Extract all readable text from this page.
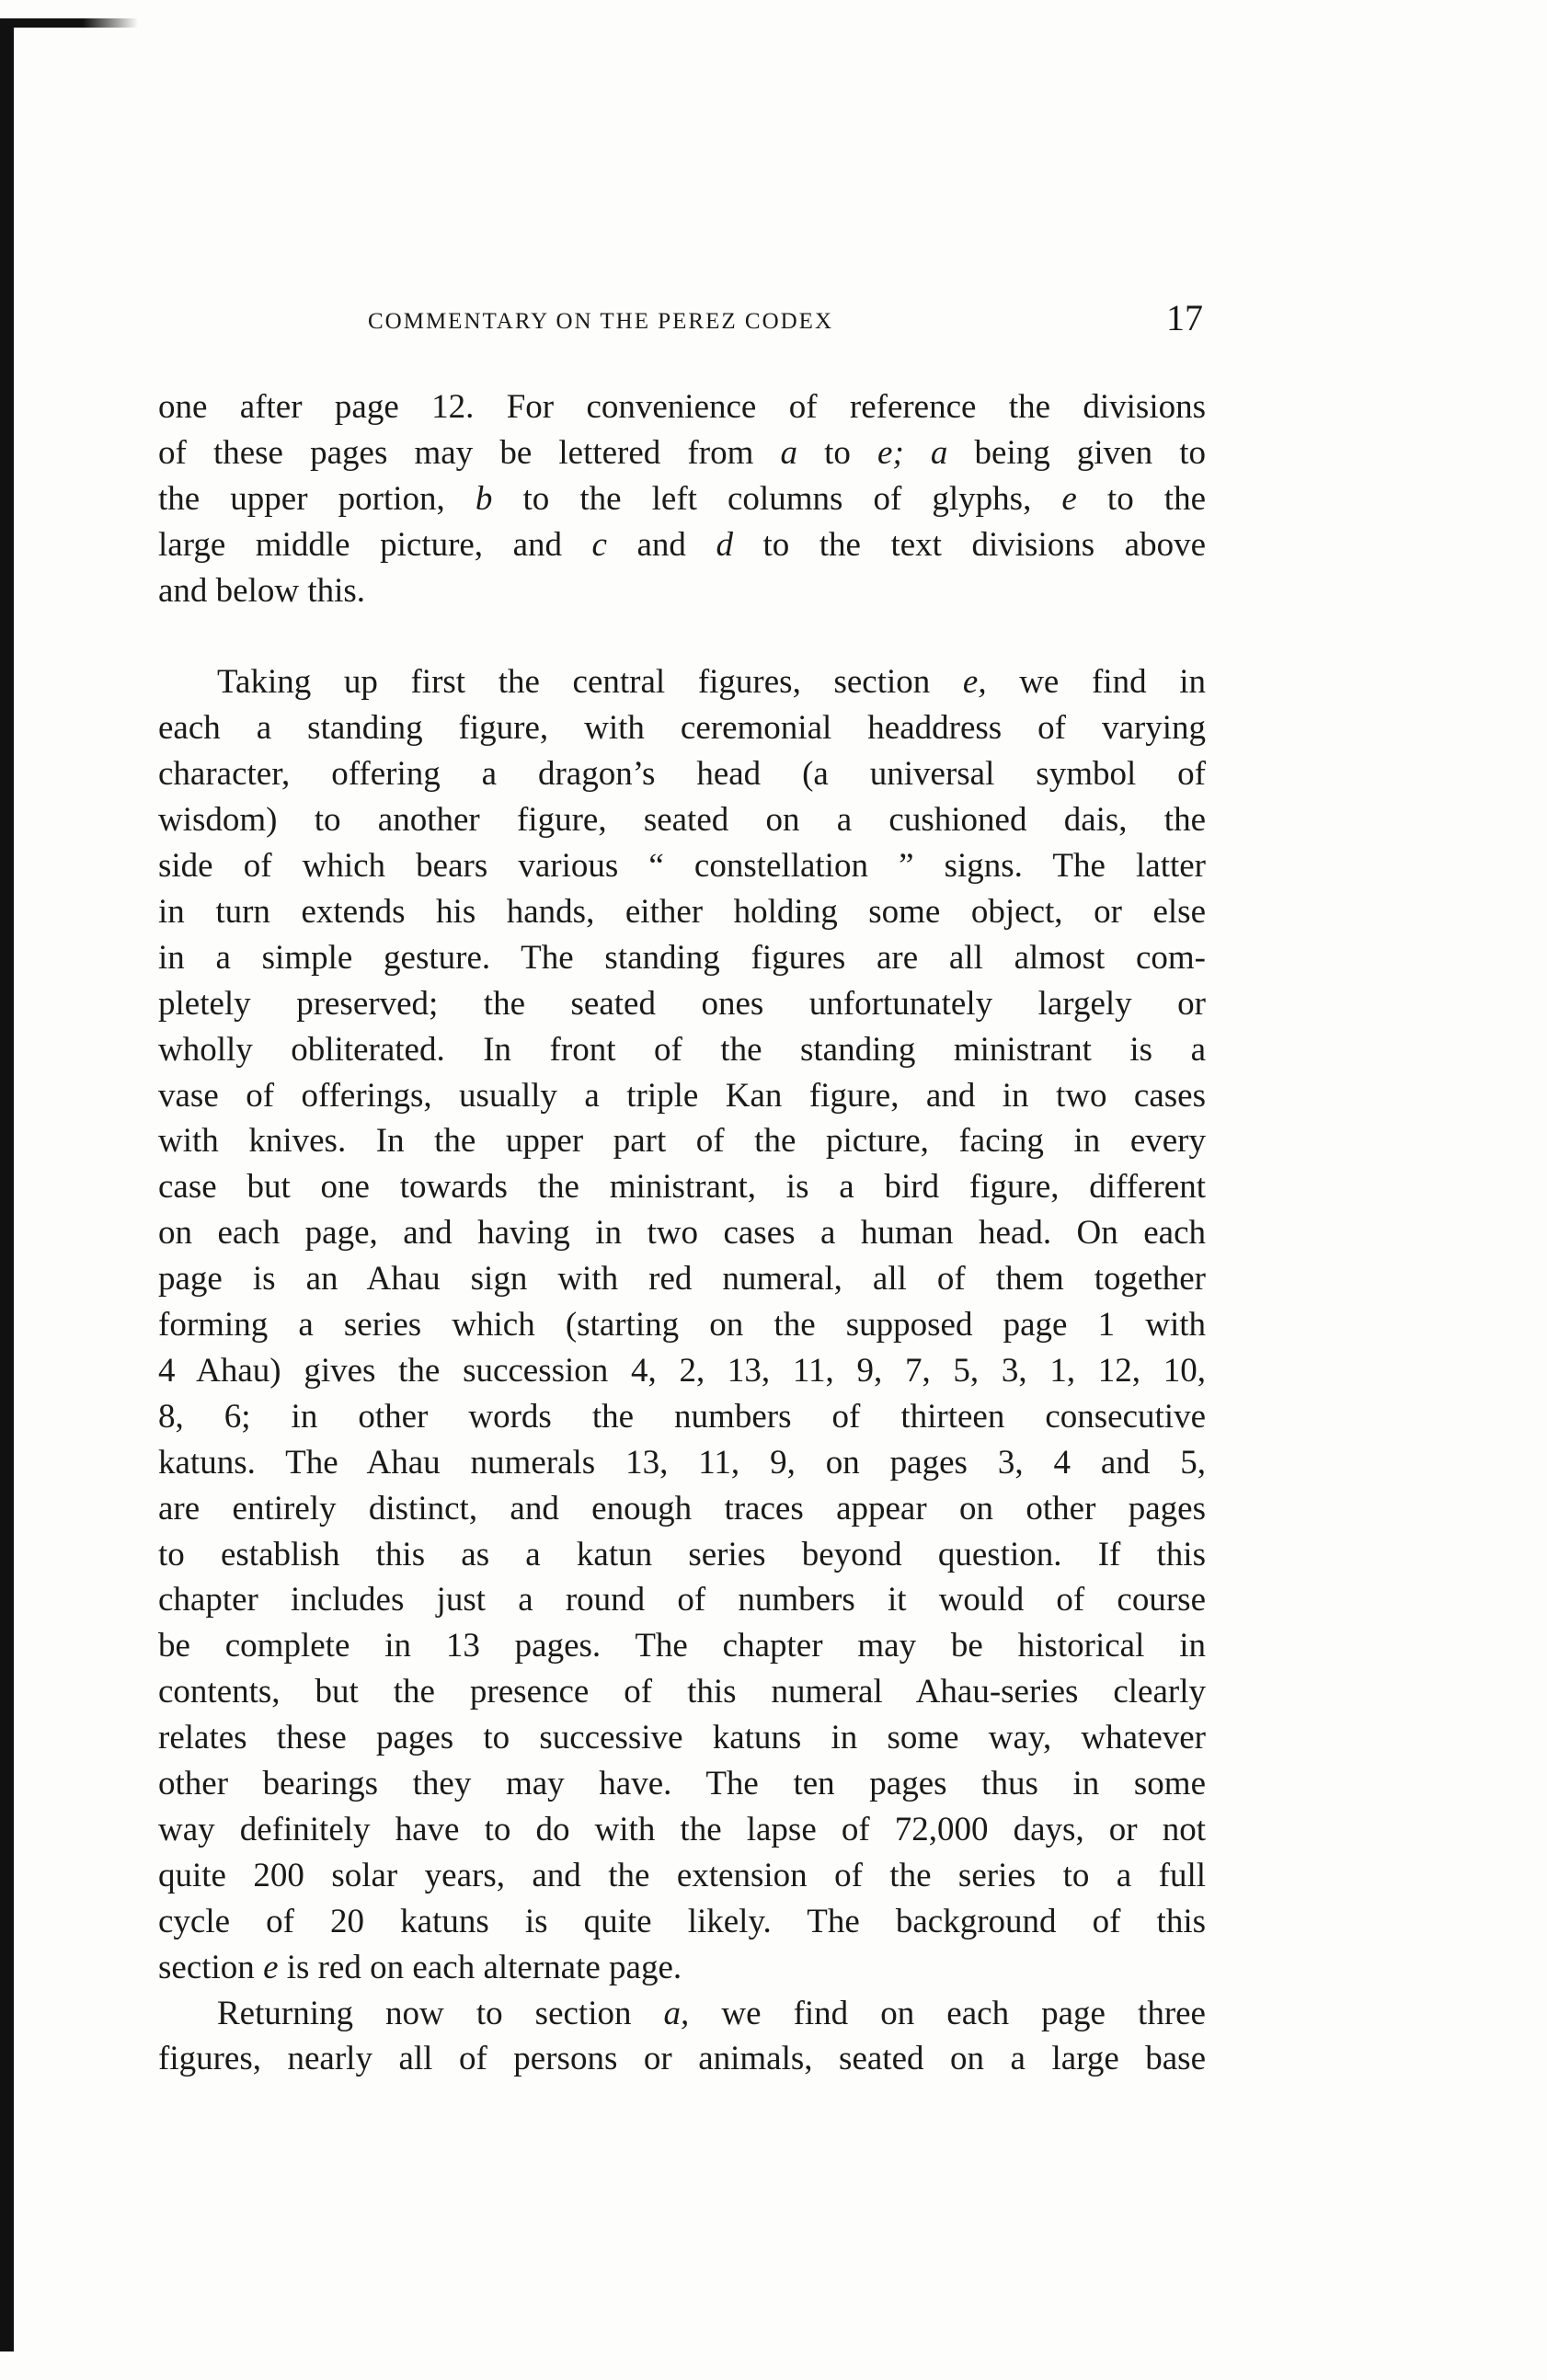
COMMENTARY ON THE PEREZ CODEX	17
one after page 12. For convenience of reference the divisions
of these pages may be lettered from a to e; a being given to
the upper portion, b to the left columns of glyphs, e to the
large middle picture, and c and d to the text divisions above
and below this.
Taking up first the central figures, section e, we find in
each a standing figure, with ceremonial headdress of varying
character, offering a dragon’s head (a universal symbol of
wisdom) to another figure, seated on a cushioned dais, the
side of which bears various “ constellation ” signs. The latter
in turn extends his hands, either holding some object, or else
in a simple gesture. The standing figures are all almost com-
pletely preserved; the seated ones unfortunately largely or
wholly obliterated. In front of the standing ministrant is a
vase of offerings, usually a triple Kan figure, and in two cases
with knives. In the upper part of the picture, facing in every
case but one towards the ministrant, is a bird figure, different
on each page, and having in two cases a human head. On each
page is an Ahau sign with red numeral, all of them together
forming a series which (starting on the supposed page 1 with
4 Ahau) gives the succession 4, 2, 13, 11, 9, 7, 5, 3, 1, 12, 10,
8, 6; in other words the numbers of thirteen consecutive
katuns. The Ahau numerals 13, 11, 9, on pages 3, 4 and 5,
are entirely distinct, and enough traces appear on other pages
to establish this as a katun series beyond question. If this
chapter includes just a round of numbers it would of course
be complete in 13 pages. The chapter may be historical in
contents, but the presence of this numeral Ahau-series clearly
relates these pages to successive katuns in some way, whatever
other bearings they may have. The ten pages thus in some
way definitely have to do with the lapse of 72,000 days, or not
quite 200 solar years, and the extension of the series to a full
cycle of 20 katuns is quite likely. The background of this
section e is red on each alternate page.
Returning now to section a, we find on each page three
figures, nearly all of persons or animals, seated on a large base
